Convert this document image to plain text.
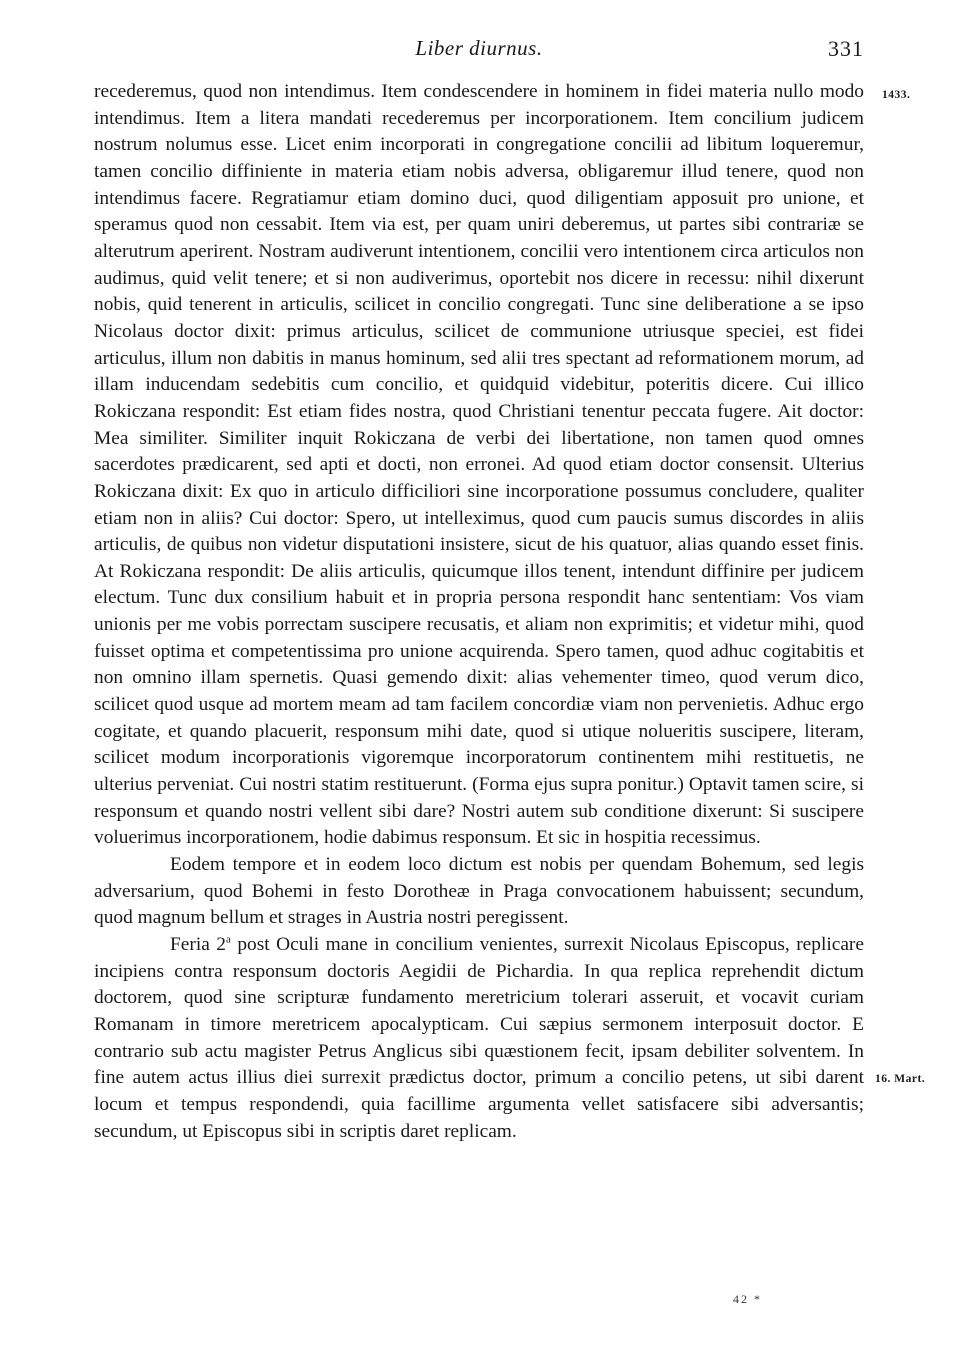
Liber diurnus.	331
1433.
16. Mart.

recederemus, quod non intendimus. Item condescendere in hominem in fidei materia nullo modo intendimus. Item a litera mandati recederemus per incorporationem. Item concilium judicem nostrum nolumus esse. Licet enim incorporati in congregatione concilii ad libitum loqueremur, tamen concilio diffiniente in materia etiam nobis adversa, obligaremur illud tenere, quod non intendimus facere. Regratiamur etiam domino duci, quod diligentiam apposuit pro unione, et speramus quod non cessabit. Item via est, per quam uniri deberemus, ut partes sibi contrariæ se alterutrum aperirent. Nostram audiverunt intentionem, concilii vero intentionem circa articulos non audimus, quid velit tenere; et si non audiverimus, oportebit nos dicere in recessu: nihil dixerunt nobis, quid tenerent in articulis, scilicet in concilio congregati. Tunc sine deliberatione a se ipso Nicolaus doctor dixit: primus articulus, scilicet de communione utriusque speciei, est fidei articulus, illum non dabitis in manus hominum, sed alii tres spectant ad reformationem morum, ad illam inducendam sedebitis cum concilio, et quidquid videbitur, poteritis dicere. Cui illico Rokiczana respondit: Est etiam fides nostra, quod Christiani tenentur peccata fugere. Ait doctor: Mea similiter. Similiter inquit Rokiczana de verbi dei libertatione, non tamen quod omnes sacerdotes prædicarent, sed apti et docti, non erronei. Ad quod etiam doctor consensit. Ulterius Rokiczana dixit: Ex quo in articulo difficiliori sine incorporatione possumus concludere, qualiter etiam non in aliis? Cui doctor: Spero, ut intelleximus, quod cum paucis sumus discordes in aliis articulis, de quibus non videtur disputationi insistere, sicut de his quatuor, alias quando esset finis. At Rokiczana respondit: De aliis articulis, quicumque illos tenent, intendunt diffinire per judicem electum. Tunc dux consilium habuit et in propria persona respondit hanc sententiam: Vos viam unionis per me vobis porrectam suscipere recusatis, et aliam non exprimitis; et videtur mihi, quod fuisset optima et competentissima pro unione acquirenda. Spero tamen, quod adhuc cogitabitis et non omnino illam spernetis. Quasi gemendo dixit: alias vehementer timeo, quod verum dico, scilicet quod usque ad mortem meam ad tam facilem concordiæ viam non pervenietis. Adhuc ergo cogitate, et quando placuerit, responsum mihi date, quod si utique nolueritis suscipere, literam, scilicet modum incorporationis vigoremque incorporatorum continentem mihi restituetis, ne ulterius perveniat. Cui nostri statim restituerunt. (Forma ejus supra ponitur.) Optavit tamen scire, si responsum et quando nostri vellent sibi dare? Nostri autem sub conditione dixerunt: Si suscipere voluerimus incorporationem, hodie dabimus responsum. Et sic in hospitia recessimus.

Eodem tempore et in eodem loco dictum est nobis per quendam Bohemum, sed legis adversarium, quod Bohemi in festo Dorotheæ in Praga convocationem habuissent; secundum, quod magnum bellum et strages in Austria nostri peregissent.

Feria 2$^a$ post Oculi mane in concilium venientes, surrexit Nicolaus Episcopus, replicare incipiens contra responsum doctoris Aegidii de Pichardia. In qua replica reprehendit dictum doctorem, quod sine scripturæ fundamento meretricium tolerari asseruit, et vocavit curiam Romanam in timore meretricem apocalypticam. Cui sæpius sermonem interposuit doctor. E contrario sub actu magister Petrus Anglicus sibi quæstionem fecit, ipsam debiliter solventem. In fine autem actus illius diei surrexit prædictus doctor, primum a concilio petens, ut sibi darent locum et tempus respondendi, quia facillime argumenta vellet satisfacere sibi adversantis; secundum, ut Episcopus sibi in scriptis daret replicam.

42 *
